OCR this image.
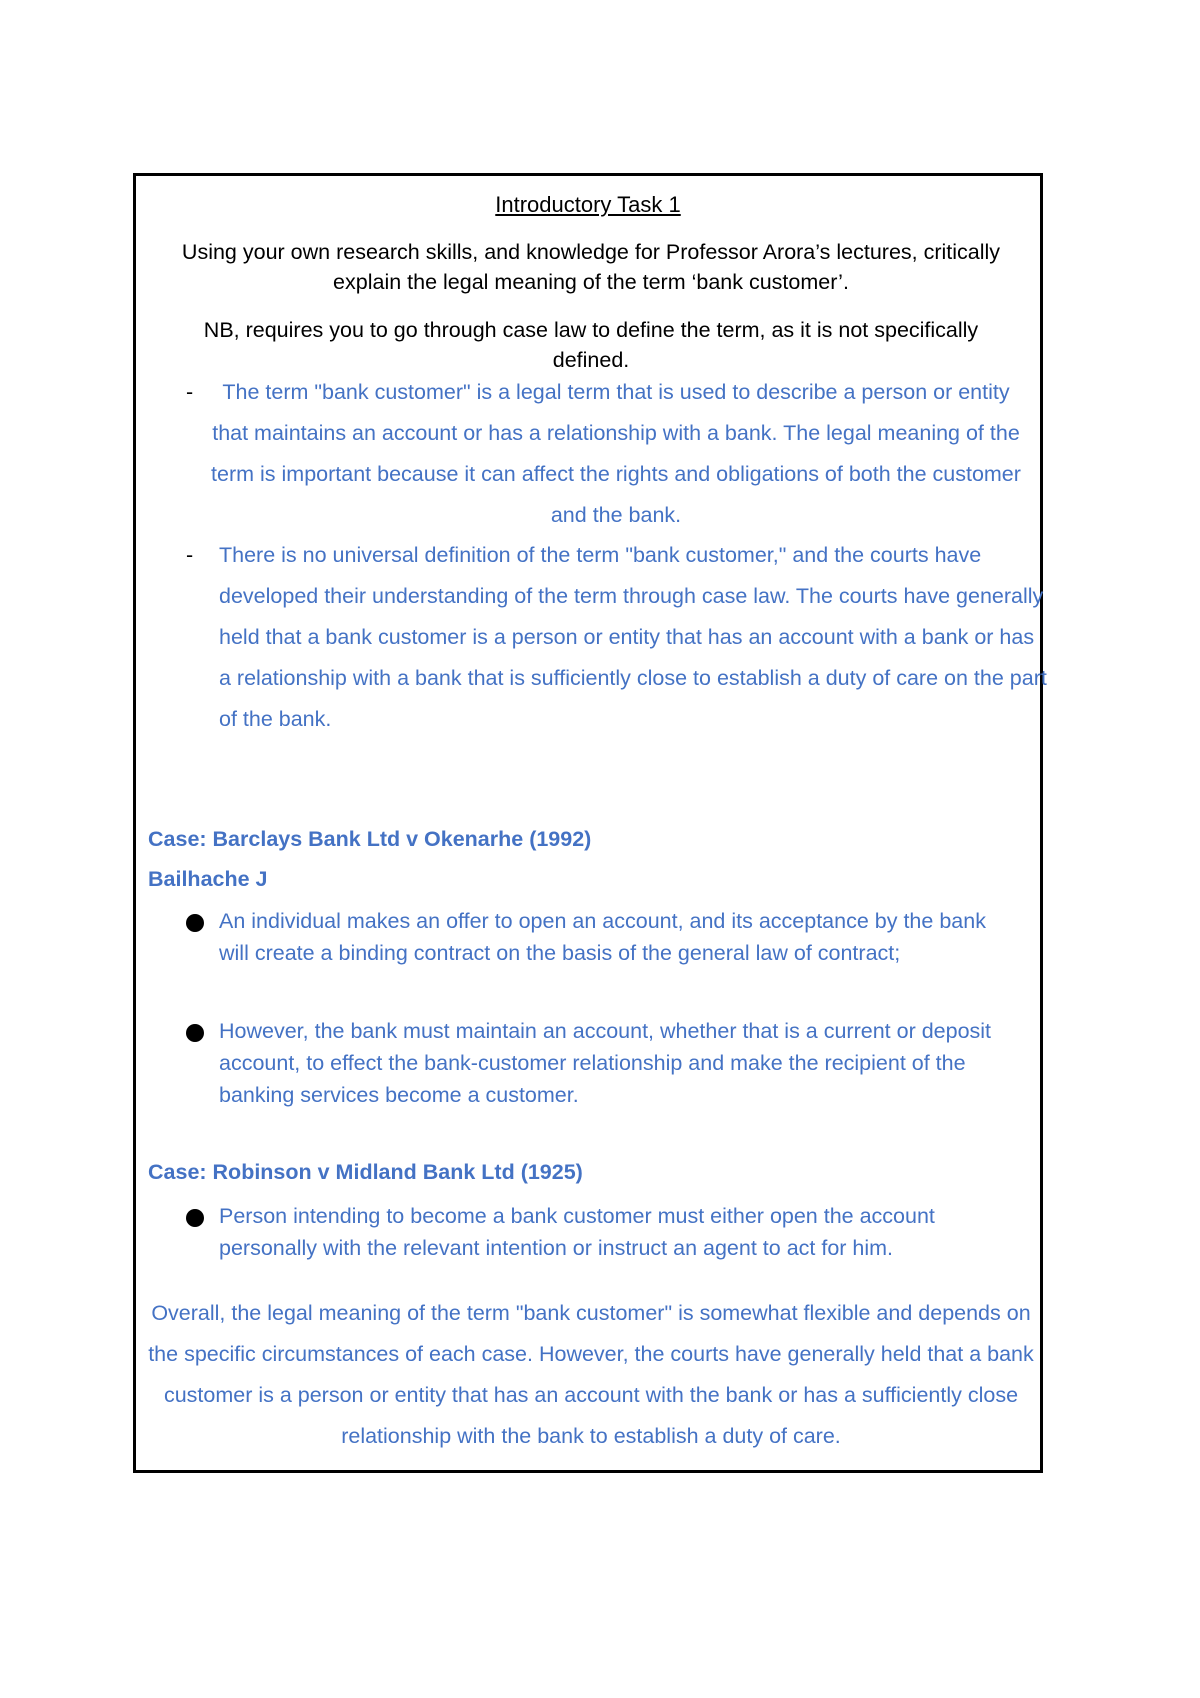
Introductory Task 1

Using your own research skills, and knowledge for Professor Arora’s lectures, critically explain the legal meaning of the term ‘bank customer’.

NB, requires you to go through case law to define the term, as it is not specifically defined.

-	The term "bank customer" is a legal term that is used to describe a person or entity that maintains an account or has a relationship with a bank. The legal meaning of the term is important because it can affect the rights and obligations of both the customer and the bank.
- There is no universal definition of the term "bank customer," and the courts have developed their understanding of the term through case law. The courts have generally held that a bank customer is a person or entity that has an account with a bank or has a relationship with a bank that is sufficiently close to establish a duty of care on the part of the bank.

Case: Barclays Bank Ltd v Okenarhe (1992)

Bailhache J

An individual makes an offer to open an account, and its acceptance by the bank will create a binding contract on the basis of the general law of contract;
However, the bank must maintain an account, whether that is a current or deposit account, to effect the bank-customer relationship and make the recipient of the banking services become a customer.

Case: Robinson v Midland Bank Ltd (1925)

Person intending to become a bank customer must either open the account personally with the relevant intention or instruct an agent to act for him.

Overall, the legal meaning of the term "bank customer" is somewhat flexible and depends on the specific circumstances of each case. However, the courts have generally held that a bank customer is a person or entity that has an account with the bank or has a sufficiently close relationship with the bank to establish a duty of care.
